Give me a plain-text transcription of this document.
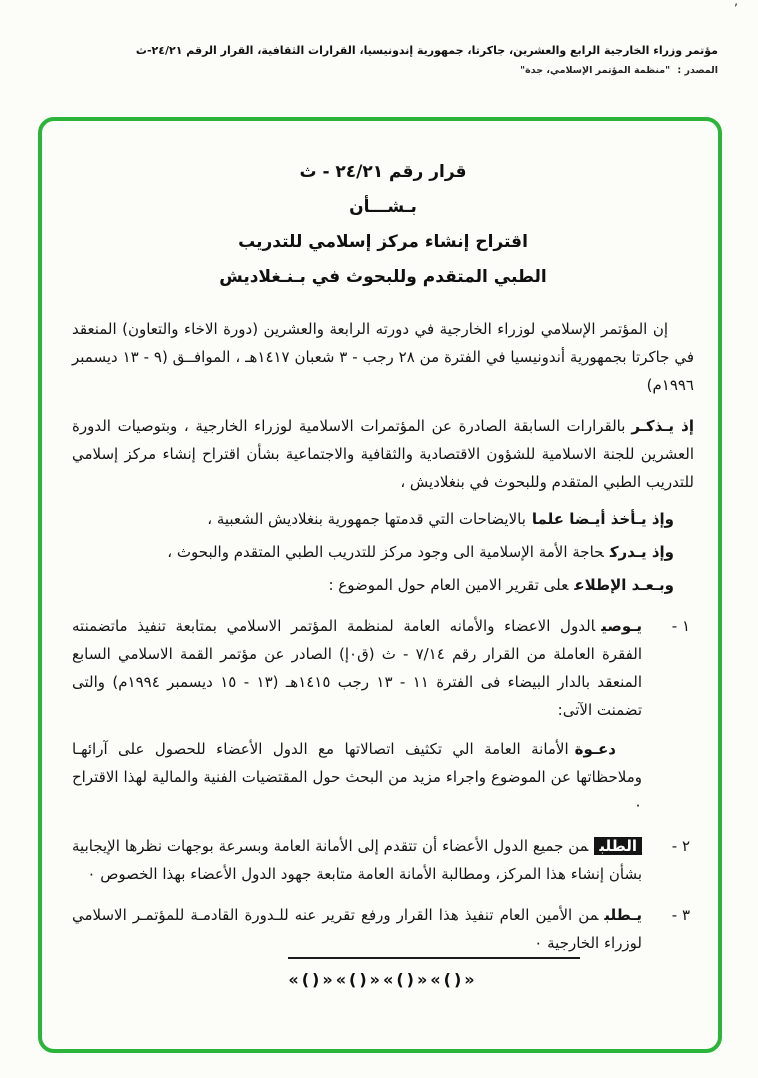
٬
مؤتمر وزراء الخارجية الرابع والعشرين، جاكرتا، جمهورية إندونيسيا، القرارات الثقافية، القرار الرقم ٢٤/٢١-ث
المصدر : "منظمة المؤتمر الإسلامي، جدة"
قرار رقم ٢٤/٢١ - ث
بـشـــأن
اقتراح إنشاء مركز إسلامي للتدريب
الطبي المتقدم وللبحوث في بـنـغلاديش

إن المؤتمر الإسلامي لوزراء الخارجية في دورته الرابعة والعشرين (دورة الاخاء والتعاون) المنعقد في جاكرتا بجمهورية أندونيسيا في الفترة من ٢٨ رجب - ٣ شعبان ١٤١٧هـ ، الموافــق (٩ - ١٣ ديسمبر ١٩٩٦م)

إذ يـذكـربالقرارات السابقة الصادرة عن المؤتمرات الاسلامية لوزراء الخارجية ، وبتوصيات الدورة العشرين للجنة الاسلامية للشؤون الاقتصادية والثقافية والاجتماعية بشأن اقتراح إنشاء مركز إسلامي للتدريب الطبي المتقدم وللبحوث في بنغلاديش ،

وإذ يـأخذ أيـضا علمابالايضاحات التي قدمتها جمهورية بنغلاديش الشعبية ،

وإذ يـدركحاجة الأمة الإسلامية الى وجود مركز للتدريب الطبي المتقدم والبحوث ،

وبـعـد الإطلاععلى تقرير الامين العام حول الموضوع :

١ -

يـوصيالدول الاعضاء والأمانه العامة لمنظمة المؤتمر الاسلامي بمتابعة تنفيذ ماتضمنته الفقرة العاملة من القرار رقم ٧/١٤ - ث (ق٠إ) الصادر عن مؤتمر القمة الاسلامي السابع المنعقد بالدار البيضاء فى الفترة ١١ - ١٣ رجب ١٤١٥هـ (١٣ - ١٥ ديسمبر ١٩٩٤م) والتى تضمنت الآتى:

دعـوةالأمانة العامة الي تكثيف اتصالاتها مع الدول الأعضاء للحصول على آرائهـا وملاحظاتها عن الموضوع واجراء مزيد من البحث حول المقتضيات الفنية والمالية لهذا الاقتراح ٠

٢ -

الطلبمن جميع الدول الأعضاء أن تتقدم إلى الأمانة العامة وبسرعة بوجهات نظرها الإيجابية بشأن إنشاء هذا المركز، ومطالبة الأمانة العامة متابعة جهود الدول الأعضاء بهذا الخصوص ٠

٣ -

يـطلبمن الأمين العام تنفيذ هذا القرار ورفع تقرير عنه للـدورة القادمـة للمؤتمـر الاسلامي لوزراء الخارجية ٠

«()»«()»«()»«()»
